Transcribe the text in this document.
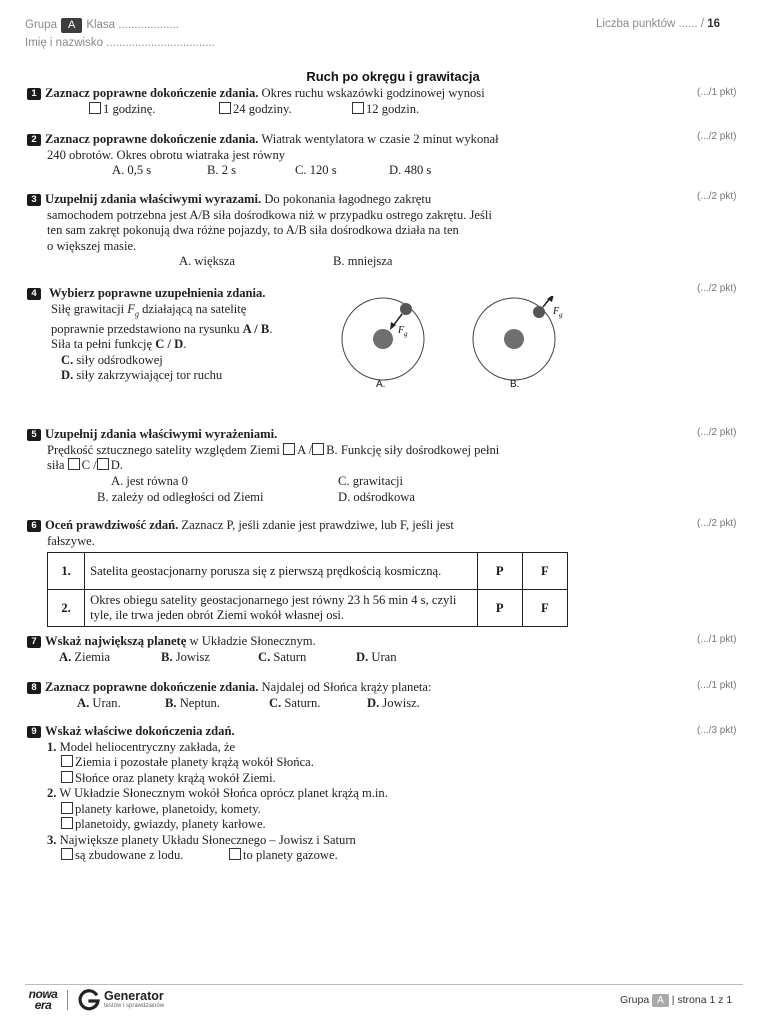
Grupa A Klasa ...................
Imię i nazwisko ..................................
Liczba punktów ...... / 16
Ruch po okręgu i grawitacja
1 Zaznacz poprawne dokończenie zdania. Okres ruchu wskazówki godzinowej wynosi
1 godzinę.	24 godziny.	12 godzin.
(.../1 pkt)
2 Zaznacz poprawne dokończenie zdania. Wiatrak wentylatora w czasie 2 minut wykonał
240 obrotów. Okres obrotu wiatraka jest równy
A. 0,5 s	B. 2 s	C. 120 s	D. 480 s
(.../2 pkt)
3 Uzupełnij zdania właściwymi wyrazami. Do pokonania łagodnego zakrętu
samochodem potrzebna jest A/B siła dośrodkowa niż w przypadku ostrego zakrętu. Jeśli
ten sam zakręt pokonują dwa różne pojazdy, to A/B siła dośrodkowa działa na ten
o większej masie.
A. większa	B. mniejsza
(.../2 pkt)
4 Wybierz poprawne uzupełnienia zdania.
Siłę grawitacji $F_g$ działającą na satelitę
poprawnie przedstawiono na rysunku A / B.
Siła ta pełni funkcję C / D.
C. siły odśrodkowej
D. siły zakrzywiającej tor ruchu
(.../2 pkt)
$F_g$
A.
$F_g$
B.
5 Uzupełnij zdania właściwymi wyrażeniami.
Prędkość sztucznego satelity względem Ziemi A / B. Funkcję siły dośrodkowej pełni
siła C / D.
A. jest równa 0
B. zależy od odległości od Ziemi
C. grawitacji
D. odśrodkowa
(.../2 pkt)
6 Oceń prawdziwość zdań. Zaznacz P, jeśli zdanie jest prawdziwe, lub F, jeśli jest
fałszywe.
(.../2 pkt)
1.	Satelita geostacjonarny porusza się z pierwszą prędkością kosmiczną.	P	F
2.	Okres obiegu satelity geostacjonarnego jest równy 23 h 56 min 4 s, czyli tyle, ile trwa jeden obrót Ziemi wokół własnej osi.	P	F
7 Wskaż największą planetę w Układzie Słonecznym.
A. Ziemia	B. Jowisz	C. Saturn	D. Uran
(.../1 pkt)
8 Zaznacz poprawne dokończenie zdania. Najdalej od Słońca krąży planeta:
A. Uran.	B. Neptun.	C. Saturn.	D. Jowisz.
(.../1 pkt)
9 Wskaż właściwe dokończenia zdań.
1. Model heliocentryczny zakłada, że
Ziemia i pozostałe planety krążą wokół Słońca.
Słońce oraz planety krążą wokół Ziemi.
2. W Układzie Słonecznym wokół Słońca oprócz planet krążą m.in.
planety karłowe, planetoidy, komety.
planetoidy, gwiazdy, planety karłowe.
3. Największe planety Układu Słonecznego – Jowisz i Saturn
są zbudowane z lodu.	to planety gazowe.
(.../3 pkt)
nowa
era
Generator
testów i sprawdzianów	Grupa A | strona 1 z 1
